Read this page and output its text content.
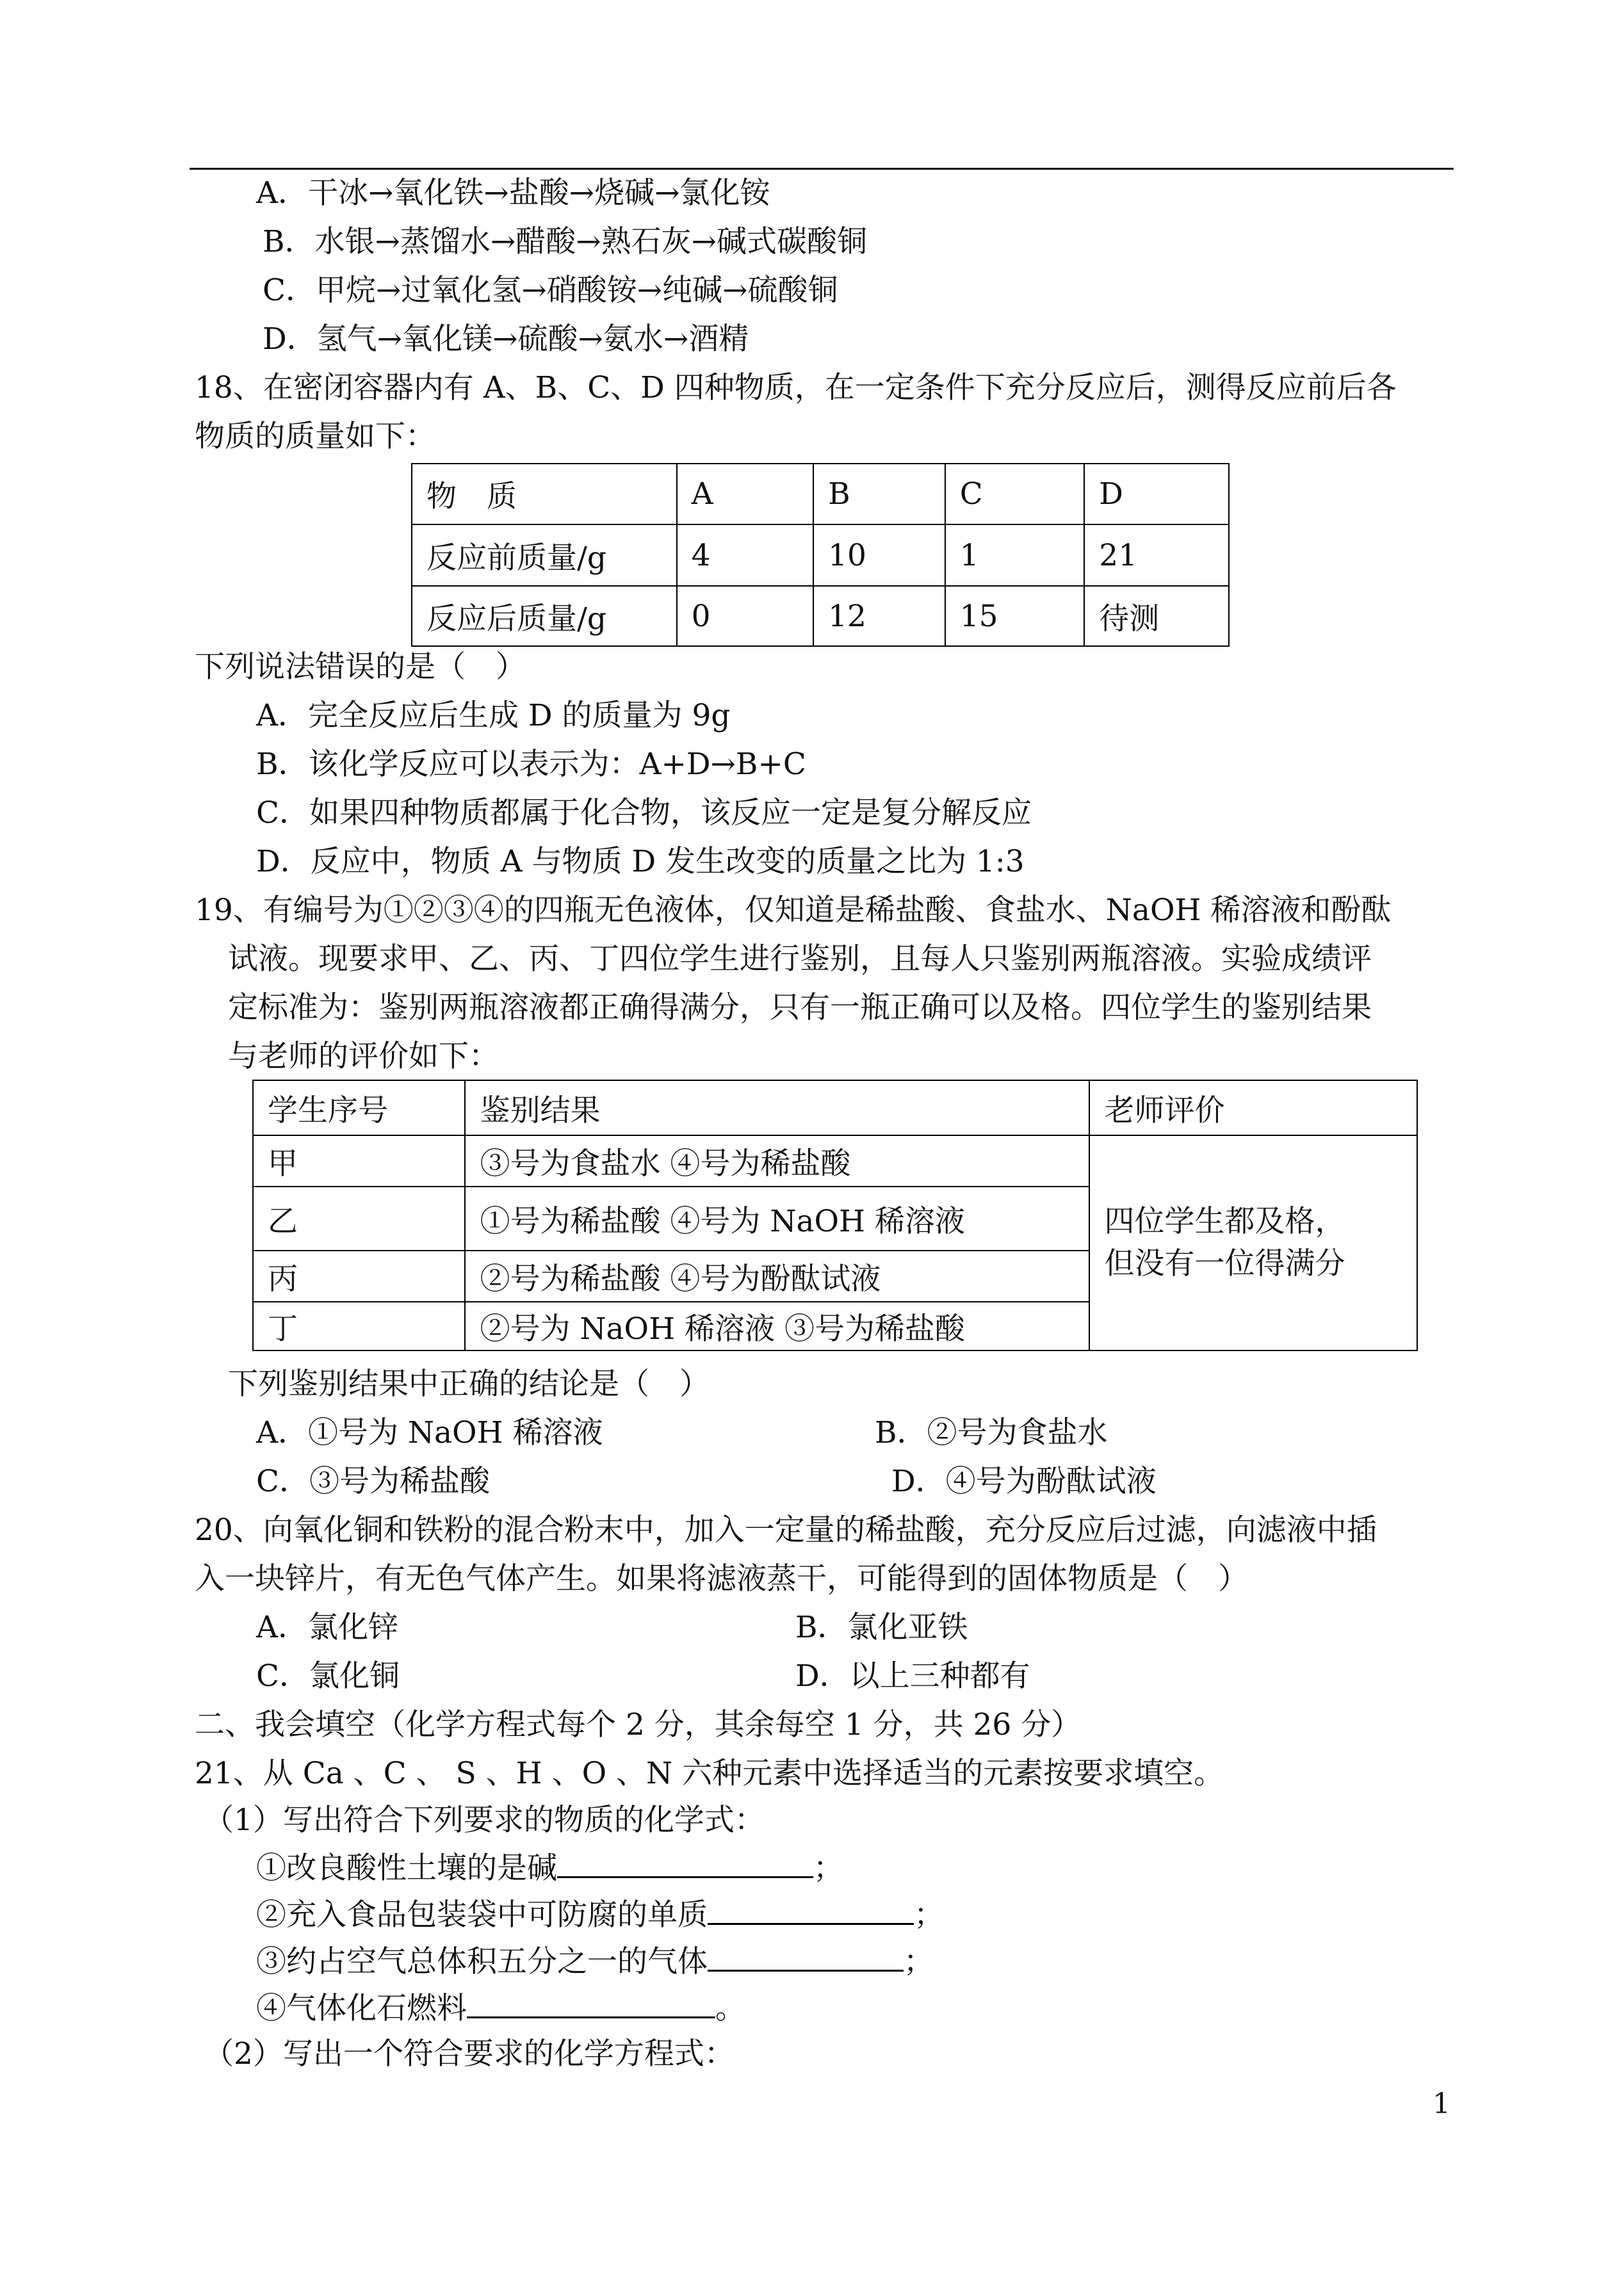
A．干冰→氧化铁→盐酸→烧碱→氯化铵
B．水银→蒸馏水→醋酸→熟石灰→碱式碳酸铜
C．甲烷→过氧化氢→硝酸铵→纯碱→硫酸铜
D．氢气→氧化镁→硫酸→氨水→酒精
18、在密闭容器内有 A、B、C、D 四种物质，在一定条件下充分反应后，测得反应前后各
物质的质量如下：
物　质	A	B	C	D
反应前质量/g	4	10	1	21
反应后质量/g	0	12	15	待测
下列说法错误的是（　）
A．完全反应后生成 D 的质量为 9g
B．该化学反应可以表示为：A+D→B+C
C．如果四种物质都属于化合物，该反应一定是复分解反应
D．反应中，物质 A 与物质 D 发生改变的质量之比为 1:3
19、有编号为①②③④的四瓶无色液体，仅知道是稀盐酸、食盐水、NaOH 稀溶液和酚酞
试液。现要求甲、乙、丙、丁四位学生进行鉴别，且每人只鉴别两瓶溶液。实验成绩评
定标准为：鉴别两瓶溶液都正确得满分，只有一瓶正确可以及格。四位学生的鉴别结果
与老师的评价如下：
学生序号	鉴别结果	老师评价
甲	③号为食盐水 ④号为稀盐酸	四位学生都及格，
但没有一位得满分

乙	①号为稀盐酸 ④号为 NaOH 稀溶液	
丙	②号为稀盐酸 ④号为酚酞试液	
丁	②号为 NaOH 稀溶液 ③号为稀盐酸	
下列鉴别结果中正确的结论是（　）
A．①号为 NaOH 稀溶液	B．②号为食盐水
C．③号为稀盐酸	D．④号为酚酞试液
20、向氧化铜和铁粉的混合粉末中，加入一定量的稀盐酸，充分反应后过滤，向滤液中插
入一块锌片，有无色气体产生。如果将滤液蒸干，可能得到的固体物质是（　）
A．氯化锌	B．氯化亚铁
C．氯化铜	D．以上三种都有
二、我会填空（化学方程式每个 2 分，其余每空 1 分，共 26 分）
21、从 Ca 、C 、 S 、H 、O 、N 六种元素中选择适当的元素按要求填空。
（1）写出符合下列要求的物质的化学式：
①改良酸性土壤的是碱	；
②充入食品包装袋中可防腐的单质	；
③约占空气总体积五分之一的气体	；
④气体化石燃料	。
（2）写出一个符合要求的化学方程式：
1
